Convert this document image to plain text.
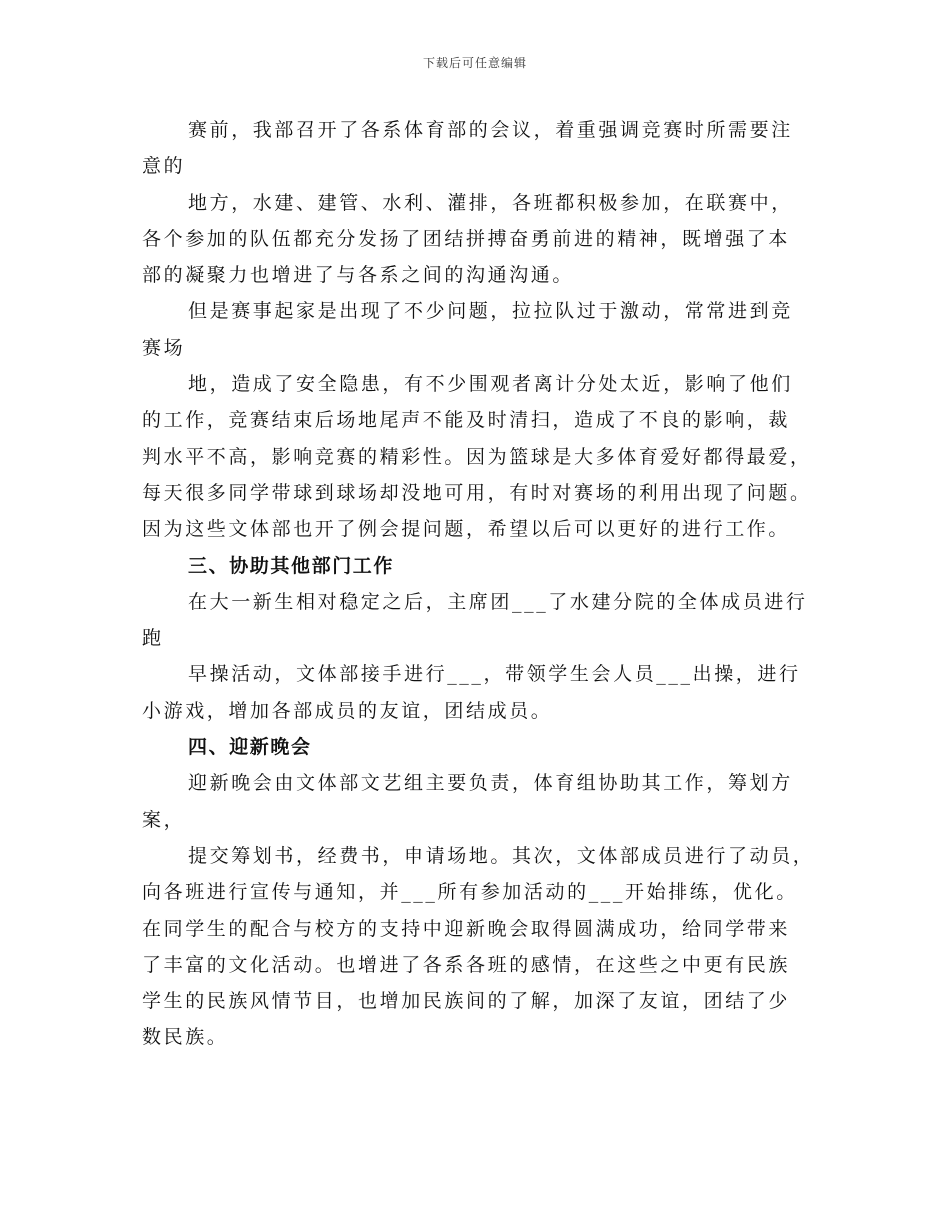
下载后可任意编辑
赛前，我部召开了各系体育部的会议，着重强调竞赛时所需要注
意的
地方，水建、建管、水利、灌排，各班都积极参加，在联赛中，
各个参加的队伍都充分发扬了团结拼搏奋勇前进的精神，既增强了本
部的凝聚力也增进了与各系之间的沟通沟通。
但是赛事起家是出现了不少问题，拉拉队过于激动，常常进到竞
赛场
地，造成了安全隐患，有不少围观者离计分处太近，影响了他们
的工作，竞赛结束后场地尾声不能及时清扫，造成了不良的影响，裁
判水平不高，影响竞赛的精彩性。因为篮球是大多体育爱好都得最爱，
每天很多同学带球到球场却没地可用，有时对赛场的利用出现了问题。
因为这些文体部也开了例会提问题，希望以后可以更好的进行工作。
三、协助其他部门工作
在大一新生相对稳定之后，主席团___了水建分院的全体成员进行
跑
早操活动，文体部接手进行___，带领学生会人员___出操，进行
小游戏，增加各部成员的友谊，团结成员。
四、迎新晚会
迎新晚会由文体部文艺组主要负责，体育组协助其工作，筹划方
案，
提交筹划书，经费书，申请场地。其次，文体部成员进行了动员，
向各班进行宣传与通知，并___所有参加活动的___开始排练，优化。
在同学生的配合与校方的支持中迎新晚会取得圆满成功，给同学带来
了丰富的文化活动。也增进了各系各班的感情，在这些之中更有民族
学生的民族风情节目，也增加民族间的了解，加深了友谊，团结了少
数民族。
